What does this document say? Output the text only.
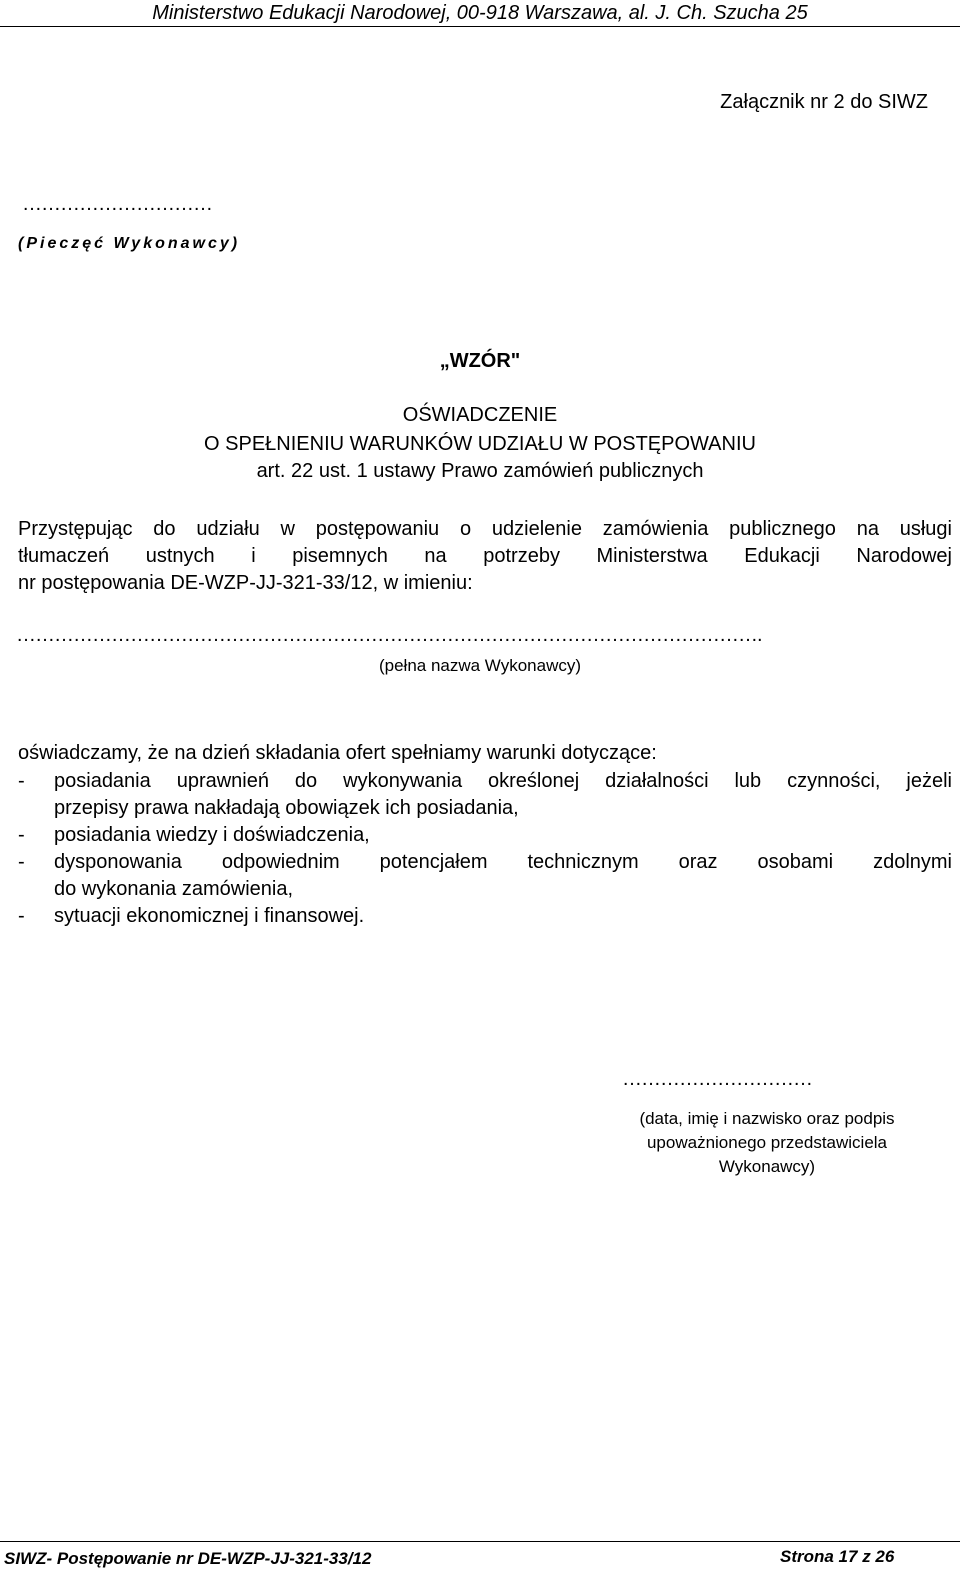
Ministerstwo Edukacji Narodowej, 00-918 Warszawa, al. J. Ch. Szucha 25
Załącznik nr 2 do SIWZ
…………………………
(Pieczęć Wykonawcy)
„WZÓR"
OŚWIADCZENIE
O SPEŁNIENIU WARUNKÓW UDZIAŁU W POSTĘPOWANIU
art. 22 ust. 1 ustawy Prawo zamówień publicznych
Przystępując do udziału w postępowaniu o udzielenie zamówienia publicznego na usługi
tłumaczeń ustnych i pisemnych na potrzeby Ministerstwa Edukacji Narodowej
nr postępowania DE-WZP-JJ-321-33/12, w imieniu:
……………………………………………………………………………………………………….
(pełna nazwa Wykonawcy)
oświadczamy, że na dzień składania ofert spełniamy warunki dotyczące:
- posiadania uprawnień do wykonywania określonej działalności lub czynności, jeżeli
przepisy prawa nakładają obowiązek ich posiadania,
- posiadania wiedzy i doświadczenia,
- dysponowania odpowiednim potencjałem technicznym oraz osobami zdolnymi
do wykonania zamówienia,
- sytuacji ekonomicznej i finansowej.
…………………………
(data, imię i nazwisko oraz podpis
upoważnionego przedstawiciela
Wykonawcy)
SIWZ- Postępowanie nr DE-WZP-JJ-321-33/12	Strona 17 z 26
